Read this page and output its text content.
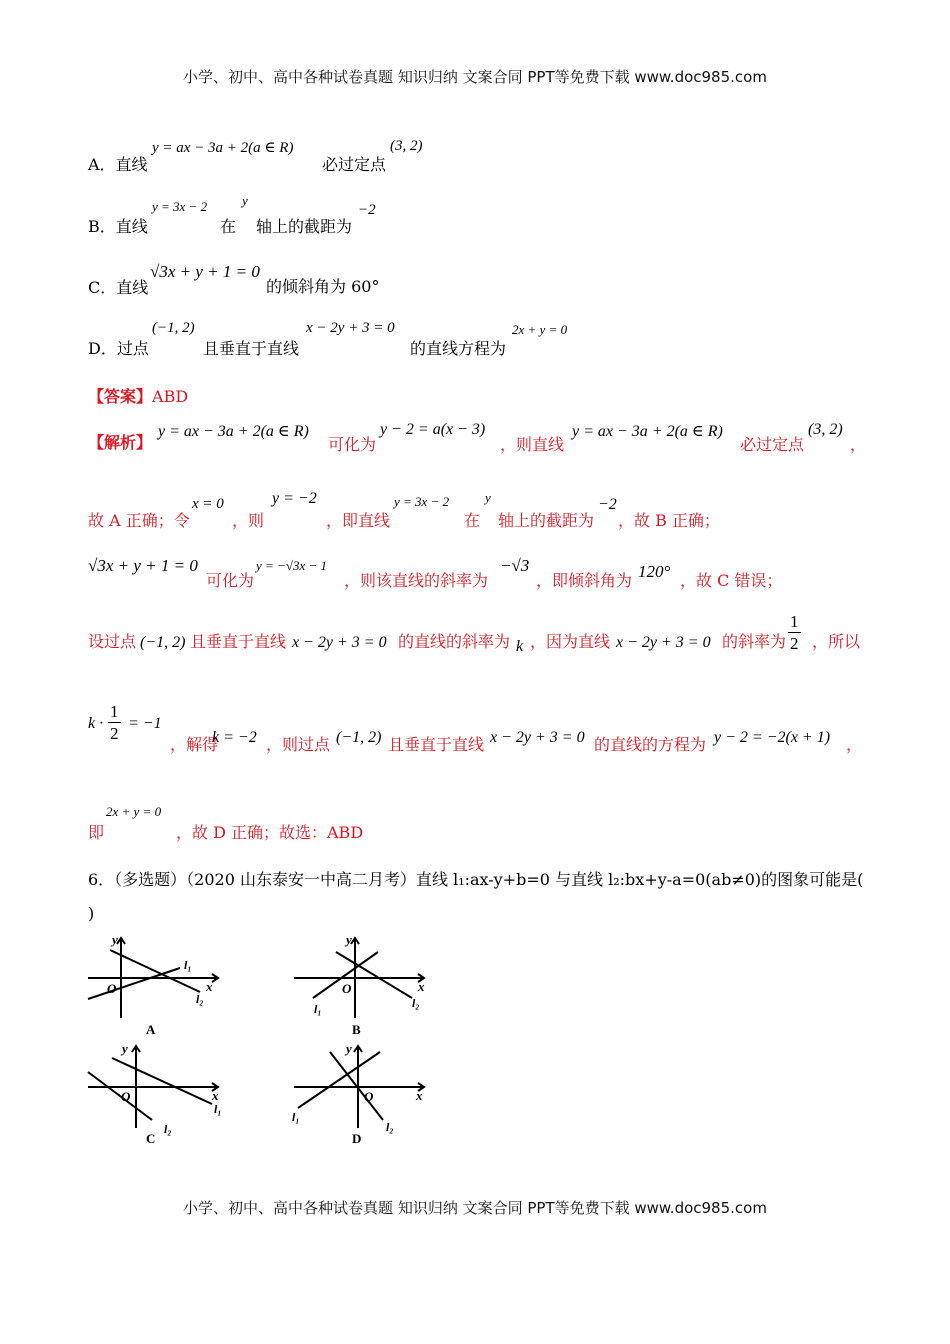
小学、初中、高中各种试卷真题 知识归纳 文案合同 PPT等免费下载 www.doc985.com
A．直线
y = ax − 3a + 2(a ∈ R)
必过定点
(3, 2)
B．直线
y = 3x − 2
在
y
轴上的截距为
−2
C．直线
√3x + y + 1 = 0
的倾斜角为 60°
D．过点
(−1, 2)
且垂直于直线
x − 2y + 3 = 0
的直线方程为
2x + y = 0
【答案】ABD
【解析】
y = ax − 3a + 2(a ∈ R)
可化为
y − 2 = a(x − 3)
，则直线
y = ax − 3a + 2(a ∈ R)
必过定点
(3, 2)
，
故 A 正确；令
x = 0
，则
y = −2
，即直线
y = 3x − 2
在
y
轴上的截距为
−2
，故 B 正确；
√3x + y + 1 = 0
可化为
y = −√3x − 1
，则该直线的斜率为
−√3
，即倾斜角为 120° ，故 C 错误；
设过点 (−1, 2) 且垂直于直线 x − 2y + 3 = 0 的直线的斜率为 k ，因为直线 x − 2y + 3 = 0 的斜率为 $\frac{1}{2}$ ，所以
$k \cdot \frac{1}{2} = -1$
，解得
k = −2 ，则过点 (−1, 2) 且垂直于直线 x − 2y + 3 = 0 的直线的方程为 y − 2 = −2(x + 1) ，
即
2x + y = 0
，故 D 正确；故选：ABD
6．（多选题）（2020 山东泰安一中高二月考）直线 l₁:ax-y+b=0 与直线 l₂:bx+y-a=0(ab≠0)的图象可能是(
)
y
x
O
l₁
l₂
A
y
x
O
l₁	l₂
B
y
x
O
l₁
l₂
C
y
x
O
l₁
l₂
D
小学、初中、高中各种试卷真题 知识归纳 文案合同 PPT等免费下载 www.doc985.com
